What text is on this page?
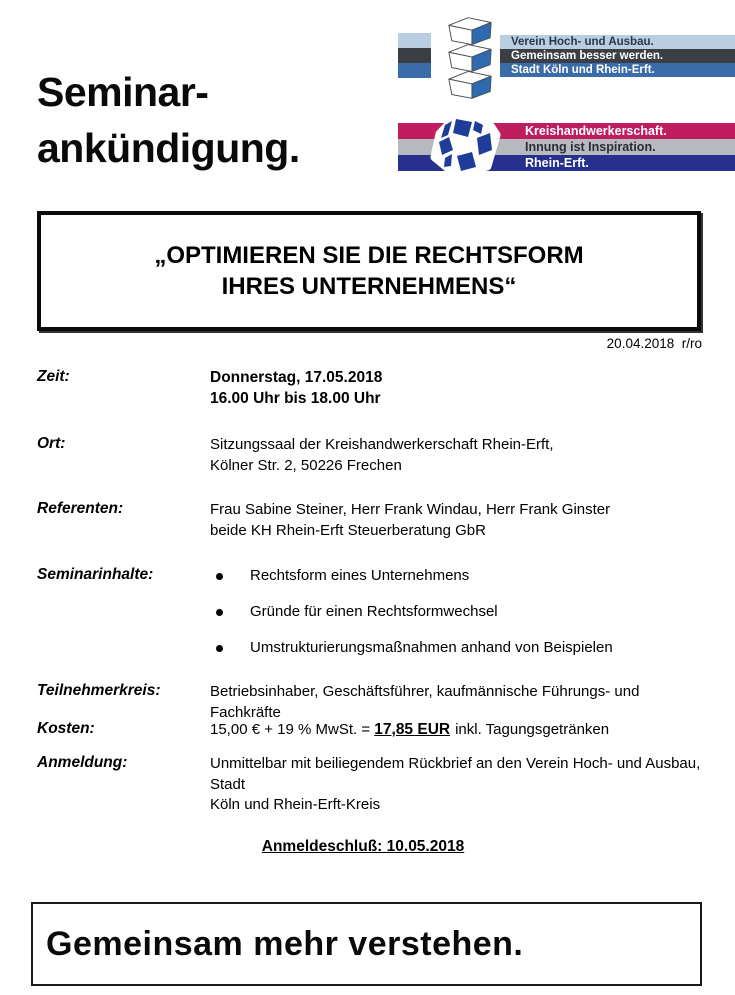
Seminar-
ankündigung.
Verein Hoch- und Ausbau.
Gemeinsam besser werden.
Stadt Köln und Rhein-Erft.
Kreishandwerkerschaft.
Innung ist Inspiration.
Rhein-Erft.
„OPTIMIEREN SIE DIE RECHTSFORM
IHRES UNTERNEHMENS“
20.04.2018  r/ro
Zeit:	Donnerstag, 17.05.2018
16.00 Uhr bis 18.00 Uhr
Ort:	Sitzungssaal der Kreishandwerkerschaft Rhein-Erft,
Kölner Str. 2, 50226 Frechen
Referenten:	Frau Sabine Steiner, Herr Frank Windau, Herr Frank Ginster
beide KH Rhein-Erft Steuerberatung GbR
Seminarinhalte:	Rechtsform eines Unternehmens
Gründe für einen Rechtsformwechsel
Umstrukturierungsmaßnahmen anhand von Beispielen
Teilnehmerkreis:	Betriebsinhaber, Geschäftsführer, kaufmännische Führungs- und Fachkräfte
Kosten:	15,00 € + 19 % MwSt. = 17,85 EUR inkl. Tagungsgetränken
Anmeldung:	Unmittelbar mit beiliegendem Rückbrief an den Verein Hoch- und Ausbau, Stadt
Köln und Rhein-Erft-Kreis
Anmeldeschluß: 10.05.2018
Gemeinsam mehr verstehen.
